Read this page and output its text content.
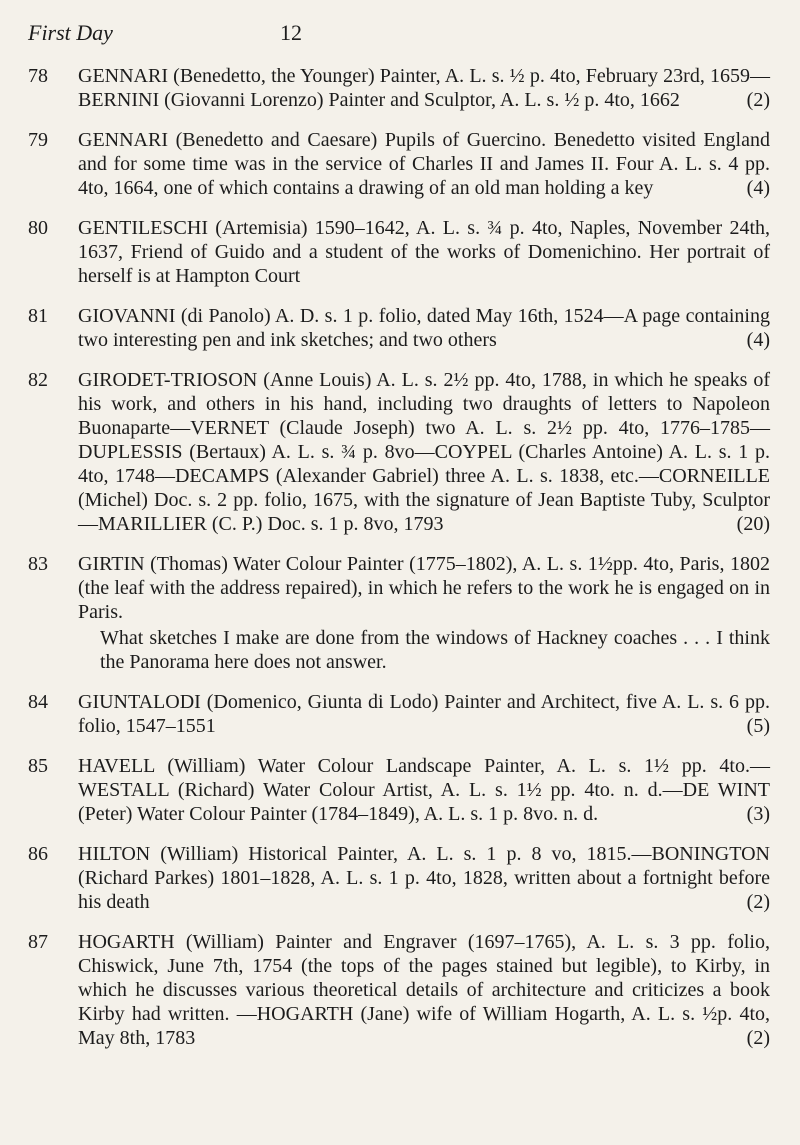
First Day	12
78	GENNARI (Benedetto, the Younger) Painter, A. L. s. ½ p. 4to, February 23rd, 1659—BERNINI (Giovanni Lorenzo) Painter and Sculptor, A. L. s. ½ p. 4to, 1662	(2)
79	GENNARI (Benedetto and Caesare) Pupils of Guercino. Benedetto visited England and for some time was in the service of Charles II and James II. Four A. L. s. 4 pp. 4to, 1664, one of which contains a drawing of an old man holding a key	(4)
80	GENTILESCHI (Artemisia) 1590–1642, A. L. s. ¾ p. 4to, Naples, November 24th, 1637, Friend of Guido and a student of the works of Domenichino. Her portrait of herself is at Hampton Court
81	GIOVANNI (di Panolo) A. D. s. 1 p. folio, dated May 16th, 1524—A page containing two interesting pen and ink sketches; and two others	(4)
82	GIRODET-TRIOSON (Anne Louis) A. L. s. 2½ pp. 4to, 1788, in which he speaks of his work, and others in his hand, including two draughts of letters to Napoleon Buonaparte—VERNET (Claude Joseph) two A. L. s. 2½ pp. 4to, 1776–1785—DUPLESSIS (Bertaux) A. L. s. ¾ p. 8vo—COYPEL (Charles Antoine) A. L. s. 1 p. 4to, 1748—DECAMPS (Alexander Gabriel) three A. L. s. 1838, etc.—CORNEILLE (Michel) Doc. s. 2 pp. folio, 1675, with the signature of Jean Baptiste Tuby, Sculptor —MARILLIER (C. P.) Doc. s. 1 p. 8vo, 1793	(20)
83	GIRTIN (Thomas) Water Colour Painter (1775–1802), A. L. s. 1½pp. 4to, Paris, 1802 (the leaf with the address repaired), in which he refers to the work he is engaged on in Paris.
What sketches I make are done from the windows of Hackney coaches . . . I think the Panorama here does not answer.
84	GIUNTALODI (Domenico, Giunta di Lodo) Painter and Architect, five A. L. s. 6 pp. folio, 1547–1551	(5)
85	HAVELL (William) Water Colour Landscape Painter, A. L. s. 1½ pp. 4to.—WESTALL (Richard) Water Colour Artist, A. L. s. 1½ pp. 4to. n. d.—DE WINT (Peter) Water Colour Painter (1784–1849), A. L. s. 1 p. 8vo. n. d.	(3)
86	HILTON (William) Historical Painter, A. L. s. 1 p. 8 vo, 1815.—BONINGTON (Richard Parkes) 1801–1828, A. L. s. 1 p. 4to, 1828, written about a fortnight before his death	(2)
87	HOGARTH (William) Painter and Engraver (1697–1765), A. L. s. 3 pp. folio, Chiswick, June 7th, 1754 (the tops of the pages stained but legible), to Kirby, in which he discusses various theoretical details of architecture and criticizes a book Kirby had written. —HOGARTH (Jane) wife of William Hogarth, A. L. s. ½p. 4to, May 8th, 1783	(2)
